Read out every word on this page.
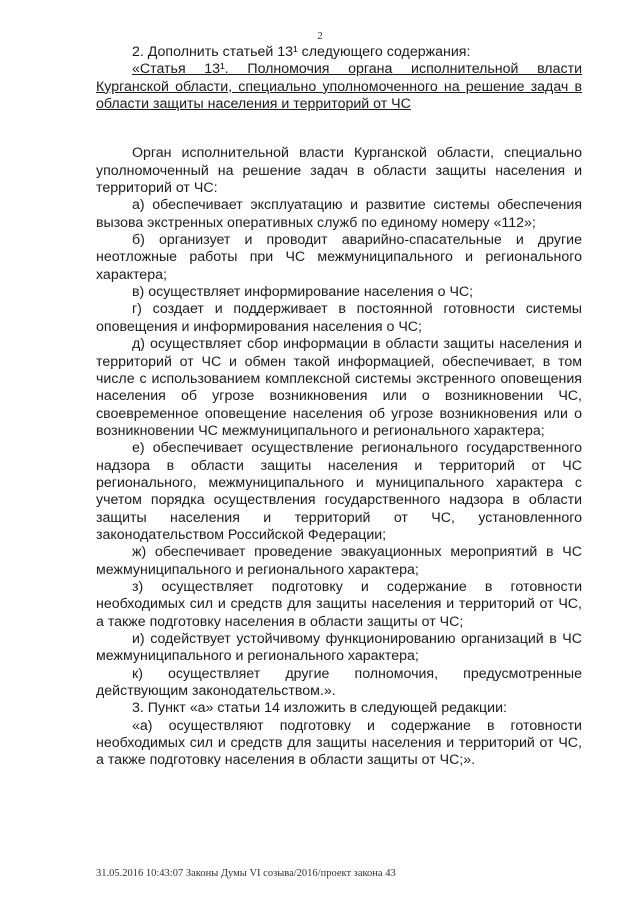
2

2. Дополнить статьей 13¹ следующего содержания:

«Статья 13¹. Полномочия органа исполнительной власти Курганской области, специально уполномоченного на решение задач в области защиты населения и территорий от ЧС

Орган исполнительной власти Курганской области, специально уполномоченный на решение задач в области защиты населения и территорий от ЧС:

а) обеспечивает эксплуатацию и развитие системы обеспечения вызова экстренных оперативных служб по единому номеру «112»;

б) организует и проводит аварийно-спасательные и другие неотложные работы при ЧС межмуниципального и регионального характера;

в) осуществляет информирование населения о ЧС;

г) создает и поддерживает в постоянной готовности системы оповещения и информирования населения о ЧС;

д) осуществляет сбор информации в области защиты населения и территорий от ЧС и обмен такой информацией, обеспечивает, в том числе с использованием комплексной системы экстренного оповещения населения об угрозе возникновения или о возникновении ЧС, своевременное оповещение населения об угрозе возникновения или о возникновении ЧС межмуниципального и регионального характера;

е) обеспечивает осуществление регионального государственного надзора в области защиты населения и территорий от ЧС регионального, межмуниципального и муниципального характера с учетом порядка осуществления государственного надзора в области защиты населения и территорий от ЧС, установленного законодательством Российской Федерации;

ж) обеспечивает проведение эвакуационных мероприятий в ЧС межмуниципального и регионального характера;

з) осуществляет подготовку и содержание в готовности необходимых сил и средств для защиты населения и территорий от ЧС, а также подготовку населения в области защиты от ЧС;

и) содействует устойчивому функционированию организаций в ЧС межмуниципального и регионального характера;

к) осуществляет другие полномочия, предусмотренные действующим законодательством.».

3. Пункт «а» статьи 14 изложить в следующей редакции:

«а) осуществляют подготовку и содержание в готовности необходимых сил и средств для защиты населения и территорий от ЧС, а также подготовку населения в области защиты от ЧС;».

31.05.2016 10:43:07 Законы Думы VI созыва/2016/проект закона 43
